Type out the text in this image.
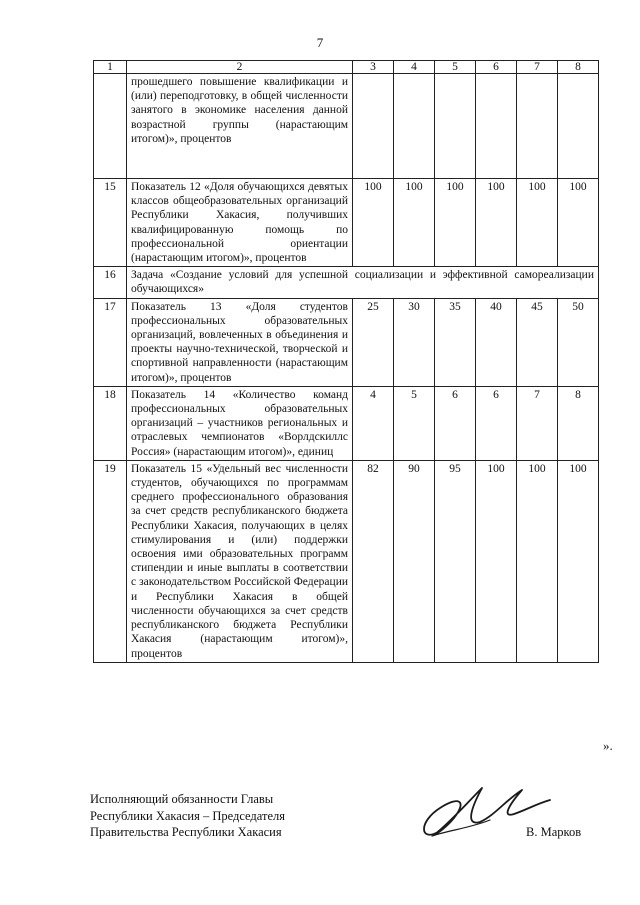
7
1	2	3	4	5	6	7	8
	прошедшего повышение квалификации и (или) переподготовку, в общей численности занятого в экономике населения данной возрастной группы (нарастающим итогом)», процентов						
15	Показатель 12 «Доля обучающихся девятых классов общеобразовательных организаций Республики Хакасия, получивших квалифицированную помощь по профессиональной ориентации (нарастающим итогом)», процентов	100	100	100	100	100	100
16	Задача «Создание условий для успешной социализации и эффективной самореализации обучающихся»						
17	Показатель 13 «Доля студентов профессиональных образовательных организаций, вовлеченных в объединения и проекты научно-технической, творческой и спортивной направленности (нарастающим итогом)», процентов	25	30	35	40	45	50
18	Показатель 14 «Количество команд профессиональных образовательных организаций – участников региональных и отраслевых чемпионатов «Ворлдскиллс Россия» (нарастающим итогом)», единиц	4	5	6	6	7	8
19	Показатель 15 «Удельный вес численности студентов, обучающихся по программам среднего профессионального образования за счет средств республиканского бюджета Республики Хакасия, получающих в целях стимулирования и (или) поддержки освоения ими образовательных программ стипендии и иные выплаты в соответствии с законодательством Российской Федерации и Республики Хакасия в общей численности обучающихся за счет средств республиканского бюджета Республики Хакасия (нарастающим итогом)», процентов	82	90	95	100	100	100
».
Исполняющий обязанности Главы
Республики Хакасия – Председателя
Правительства Республики Хакасия	В. Марков
